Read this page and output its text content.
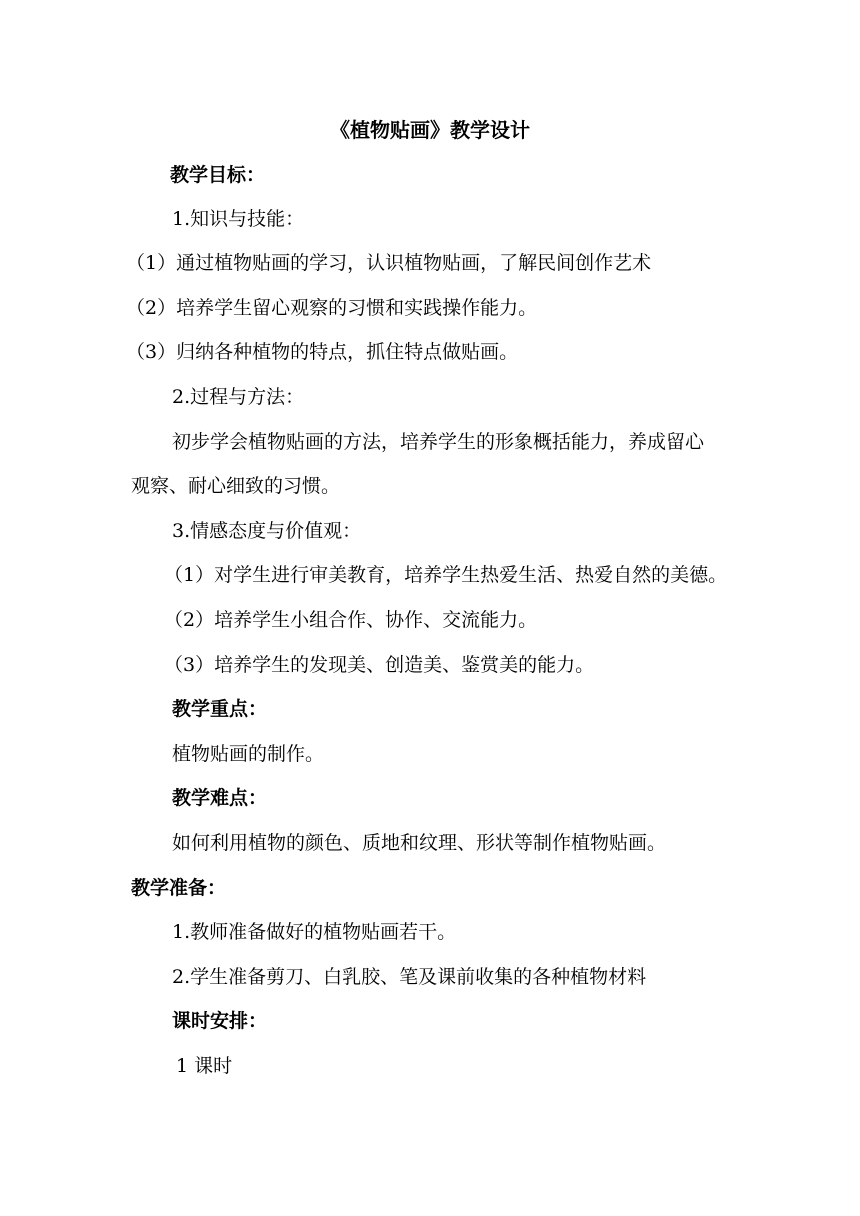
《植物贴画》教学设计
教学目标：
1.知识与技能：
（1）通过植物贴画的学习，认识植物贴画，了解民间创作艺术
（2）培养学生留心观察的习惯和实践操作能力。
（3）归纳各种植物的特点，抓住特点做贴画。
2.过程与方法：
初步学会植物贴画的方法，培养学生的形象概括能力，养成留心
观察、耐心细致的习惯。
3.情感态度与价值观：
（1）对学生进行审美教育，培养学生热爱生活、热爱自然的美德。
（2）培养学生小组合作、协作、交流能力。
（3）培养学生的发现美、创造美、鉴赏美的能力。
教学重点：
植物贴画的制作。
教学难点：
如何利用植物的颜色、质地和纹理、形状等制作植物贴画。
教学准备：
1.教师准备做好的植物贴画若干。
2.学生准备剪刀、白乳胶、笔及课前收集的各种植物材料
课时安排：
1 课时
